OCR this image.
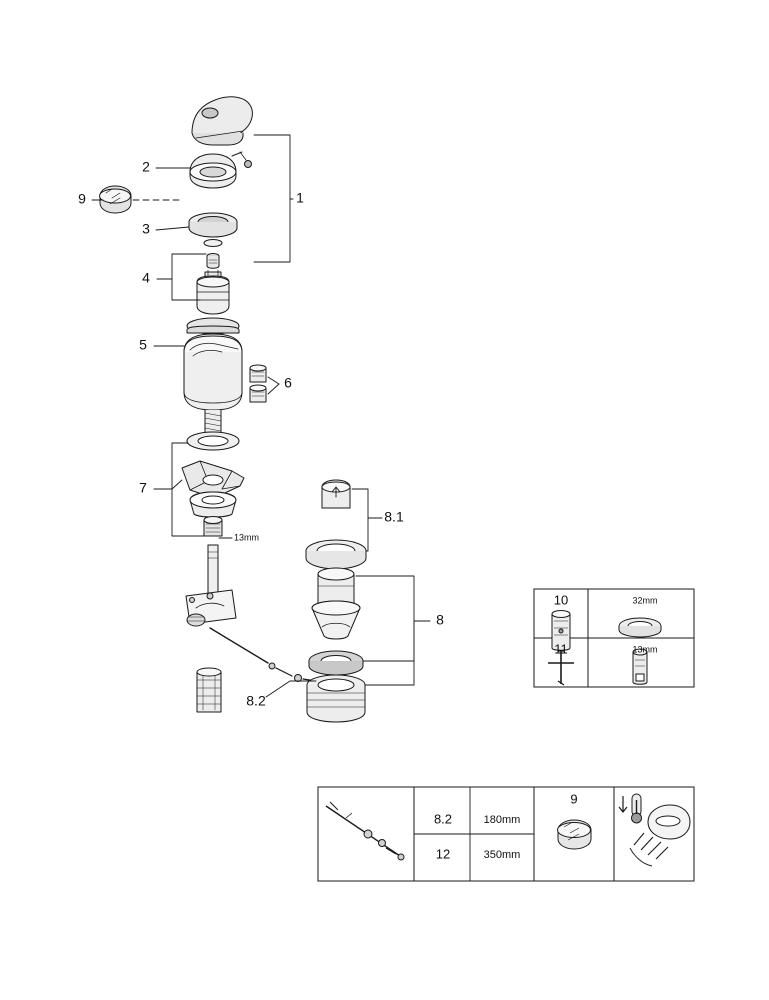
1
2
9
3
4
5
6
7
8.1
8
8.2
13mm
10
11
32mm
13mm
9
8.2
12
180mm
350mm
